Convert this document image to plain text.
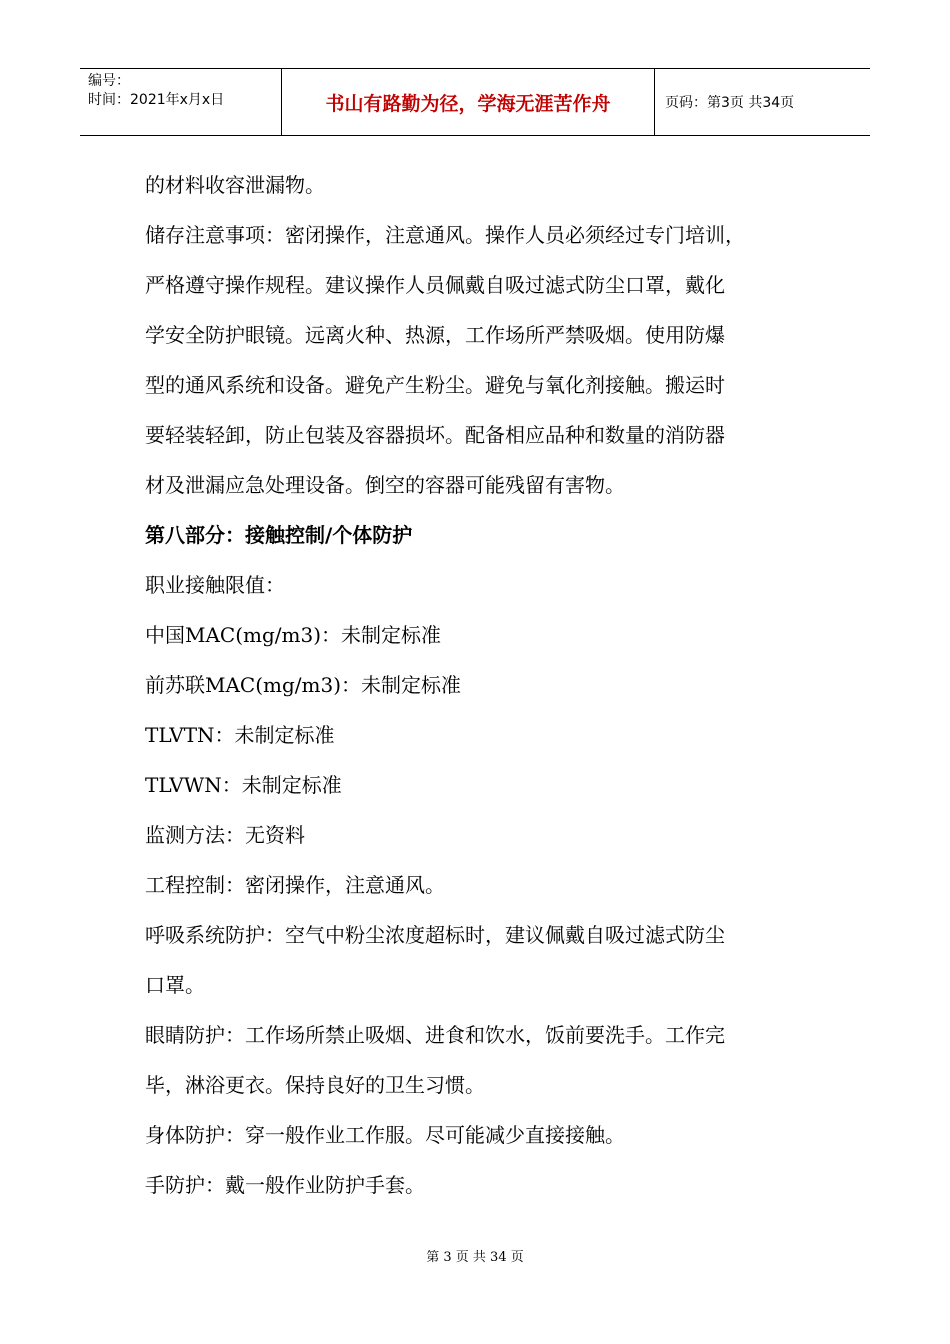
编号：
时间：2021年x月x日	书山有路勤为径，学海无涯苦作舟	页码：第3页 共34页

的材料收容泄漏物。

储存注意事项：密闭操作，注意通风。操作人员必须经过专门培训，

严格遵守操作规程。建议操作人员佩戴自吸过滤式防尘口罩，戴化

学安全防护眼镜。远离火种、热源，工作场所严禁吸烟。使用防爆

型的通风系统和设备。避免产生粉尘。避免与氧化剂接触。搬运时

要轻装轻卸，防止包装及容器损坏。配备相应品种和数量的消防器

材及泄漏应急处理设备。倒空的容器可能残留有害物。

第八部分：接触控制/个体防护

职业接触限值：

中国MAC(mg/m3)：未制定标准

前苏联MAC(mg/m3)：未制定标准

TLVTN：未制定标准

TLVWN：未制定标准

监测方法：无资料

工程控制：密闭操作，注意通风。

呼吸系统防护：空气中粉尘浓度超标时，建议佩戴自吸过滤式防尘

口罩。

眼睛防护：工作场所禁止吸烟、进食和饮水，饭前要洗手。工作完

毕，淋浴更衣。保持良好的卫生习惯。

身体防护：穿一般作业工作服。尽可能减少直接接触。

手防护：戴一般作业防护手套。

第 3 页 共 34 页
